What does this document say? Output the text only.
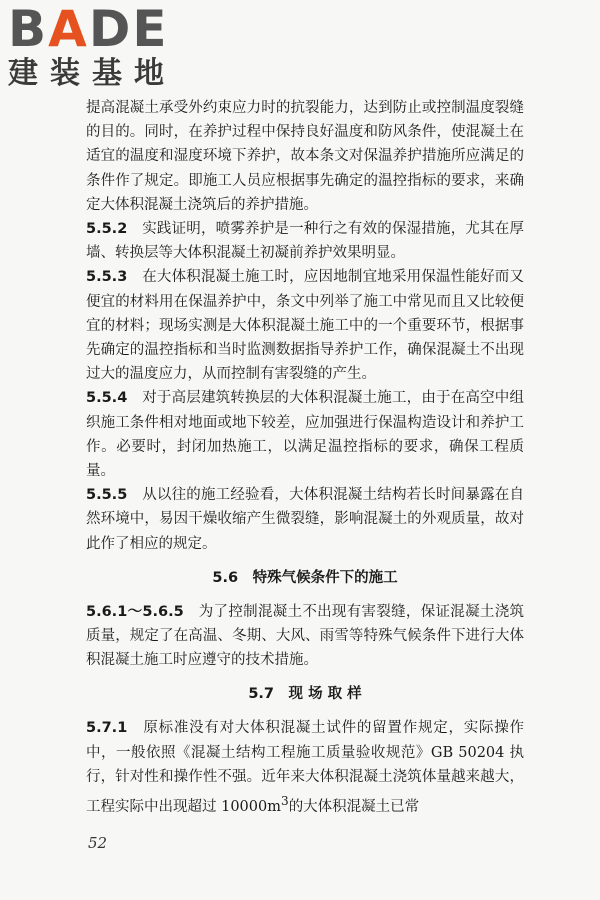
BADE
建装基地

提高混凝土承受外约束应力时的抗裂能力，达到防止或控制温度裂缝的目的。同时，在养护过程中保持良好温度和防风条件，使混凝土在适宜的温度和湿度环境下养护，故本条文对保温养护措施所应满足的条件作了规定。即施工人员应根据事先确定的温控指标的要求，来确定大体积混凝土浇筑后的养护措施。

5.5.2　 实践证明，喷雾养护是一种行之有效的保湿措施，尤其在厚墙、转换层等大体积混凝土初凝前养护效果明显。

5.5.3　 在大体积混凝土施工时，应因地制宜地采用保温性能好而又便宜的材料用在保温养护中，条文中列举了施工中常见而且又比较便宜的材料；现场实测是大体积混凝土施工中的一个重要环节，根据事先确定的温控指标和当时监测数据指导养护工作，确保混凝土不出现过大的温度应力，从而控制有害裂缝的产生。

5.5.4　 对于高层建筑转换层的大体积混凝土施工，由于在高空中组织施工条件相对地面或地下较差，应加强进行保温构造设计和养护工作。必要时，封闭加热施工，以满足温控指标的要求，确保工程质量。

5.5.5　 从以往的施工经验看，大体积混凝土结构若长时间暴露在自然环境中，易因干燥收缩产生微裂缝，影响混凝土的外观质量，故对此作了相应的规定。

5.6　特殊气候条件下的施工

5.6.1～5.6.5　 为了控制混凝土不出现有害裂缝，保证混凝土浇筑质量，规定了在高温、冬期、大风、雨雪等特殊气候条件下进行大体积混凝土施工时应遵守的技术措施。

5.7　现 场 取 样

5.7.1　 原标准没有对大体积混凝土试件的留置作规定，实际操作中，一般依照《混凝土结构工程施工质量验收规范》GB 50204 执行，针对性和操作性不强。近年来大体积混凝土浇筑体量越来越大，工程实际中出现超过 $10000m^3$的大体积混凝土已常

52
